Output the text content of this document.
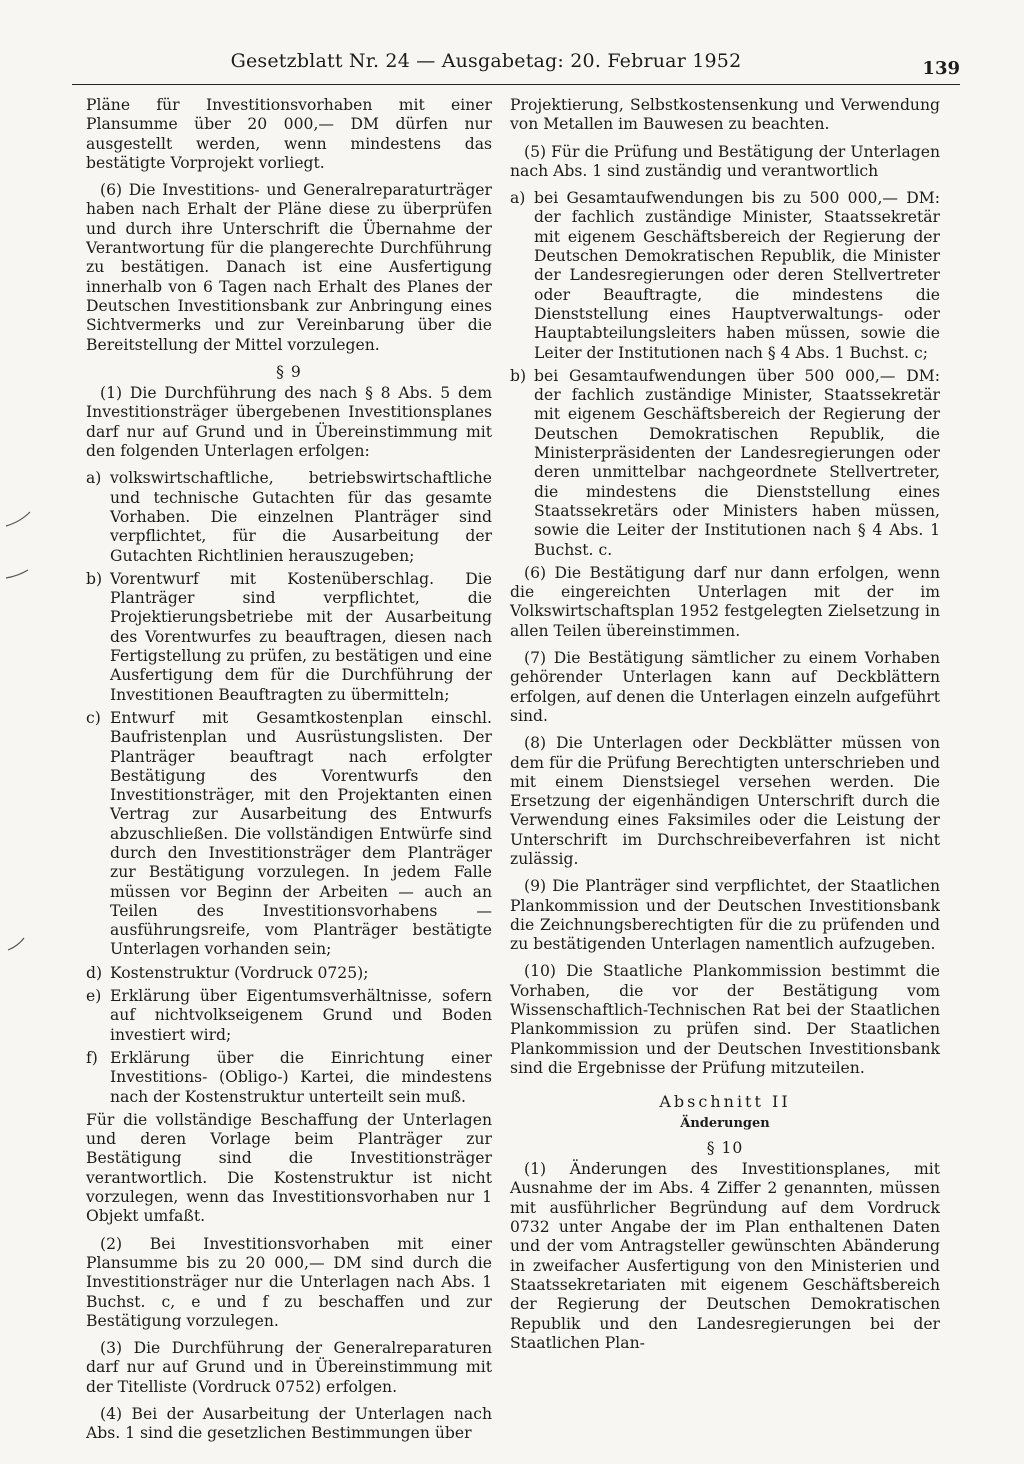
Gesetzblatt Nr. 24 — Ausgabetag: 20. Februar 1952	139

Pläne für Investitionsvorhaben mit einer Plansumme über 20 000,— DM dürfen nur ausgestellt werden, wenn mindestens das bestätigte Vorprojekt vorliegt.

(6) Die Investitions- und Generalreparaturträger haben nach Erhalt der Pläne diese zu überprüfen und durch ihre Unterschrift die Übernahme der Verantwortung für die plangerechte Durchführung zu bestätigen. Danach ist eine Ausfertigung innerhalb von 6 Tagen nach Erhalt des Planes der Deutschen Investitionsbank zur Anbringung eines Sichtvermerks und zur Vereinbarung über die Bereitstellung der Mittel vorzulegen.

§ 9

(1) Die Durchführung des nach § 8 Abs. 5 dem Investitionsträger übergebenen Investitionsplanes darf nur auf Grund und in Übereinstimmung mit den folgenden Unterlagen erfolgen:

a) volkswirtschaftliche, betriebswirtschaftliche und technische Gutachten für das gesamte Vorhaben. Die einzelnen Planträger sind verpflichtet, für die Ausarbeitung der Gutachten Richtlinien herauszugeben;
b) Vorentwurf mit Kostenüberschlag. Die Planträger sind verpflichtet, die Projektierungsbetriebe mit der Ausarbeitung des Vorentwurfes zu beauftragen, diesen nach Fertigstellung zu prüfen, zu bestätigen und eine Ausfertigung dem für die Durchführung der Investitionen Beauftragten zu übermitteln;
c) Entwurf mit Gesamtkostenplan einschl. Baufristenplan und Ausrüstungslisten. Der Planträger beauftragt nach erfolgter Bestätigung des Vorentwurfs den Investitionsträger, mit den Projektanten einen Vertrag zur Ausarbeitung des Entwurfs abzuschließen. Die vollständigen Entwürfe sind durch den Investitionsträger dem Planträger zur Bestätigung vorzulegen. In jedem Falle müssen vor Beginn der Arbeiten — auch an Teilen des Investitionsvorhabens — ausführungsreife, vom Planträger bestätigte Unterlagen vorhanden sein;
d) Kostenstruktur (Vordruck 0725);
e) Erklärung über Eigentumsverhältnisse, sofern auf nichtvolkseigenem Grund und Boden investiert wird;
f) Erklärung über die Einrichtung einer Investitions- (Obligo-) Kartei, die mindestens nach der Kostenstruktur unterteilt sein muß.

Für die vollständige Beschaffung der Unterlagen und deren Vorlage beim Planträger zur Bestätigung sind die Investitionsträger verantwortlich. Die Kostenstruktur ist nicht vorzulegen, wenn das Investitionsvorhaben nur 1 Objekt umfaßt.

(2) Bei Investitionsvorhaben mit einer Plansumme bis zu 20 000,— DM sind durch die Investitionsträger nur die Unterlagen nach Abs. 1 Buchst. c, e und f zu beschaffen und zur Bestätigung vorzulegen.

(3) Die Durchführung der Generalreparaturen darf nur auf Grund und in Übereinstimmung mit der Titelliste (Vordruck 0752) erfolgen.

(4) Bei der Ausarbeitung der Unterlagen nach Abs. 1 sind die gesetzlichen Bestimmungen über

Projektierung, Selbstkostensenkung und Verwendung von Metallen im Bauwesen zu beachten.

(5) Für die Prüfung und Bestätigung der Unterlagen nach Abs. 1 sind zuständig und verantwortlich

a) bei Gesamtaufwendungen bis zu 500 000,— DM: der fachlich zuständige Minister, Staatssekretär mit eigenem Geschäftsbereich der Regierung der Deutschen Demokratischen Republik, die Minister der Landesregierungen oder deren Stellvertreter oder Beauftragte, die mindestens die Dienststellung eines Hauptverwaltungs- oder Hauptabteilungsleiters haben müssen, sowie die Leiter der Institutionen nach § 4 Abs. 1 Buchst. c;
b) bei Gesamtaufwendungen über 500 000,— DM: der fachlich zuständige Minister, Staatssekretär mit eigenem Geschäftsbereich der Regierung der Deutschen Demokratischen Republik, die Ministerpräsidenten der Landesregierungen oder deren unmittelbar nachgeordnete Stellvertreter, die mindestens die Dienststellung eines Staatssekretärs oder Ministers haben müssen, sowie die Leiter der Institutionen nach § 4 Abs. 1 Buchst. c.

(6) Die Bestätigung darf nur dann erfolgen, wenn die eingereichten Unterlagen mit der im Volkswirtschaftsplan 1952 festgelegten Zielsetzung in allen Teilen übereinstimmen.

(7) Die Bestätigung sämtlicher zu einem Vorhaben gehörender Unterlagen kann auf Deckblättern erfolgen, auf denen die Unterlagen einzeln aufgeführt sind.

(8) Die Unterlagen oder Deckblätter müssen von dem für die Prüfung Berechtigten unterschrieben und mit einem Dienstsiegel versehen werden. Die Ersetzung der eigenhändigen Unterschrift durch die Verwendung eines Faksimiles oder die Leistung der Unterschrift im Durchschreibeverfahren ist nicht zulässig.

(9) Die Planträger sind verpflichtet, der Staatlichen Plankommission und der Deutschen Investitionsbank die Zeichnungsberechtigten für die zu prüfenden und zu bestätigenden Unterlagen namentlich aufzugeben.

(10) Die Staatliche Plankommission bestimmt die Vorhaben, die vor der Bestätigung vom Wissenschaftlich-Technischen Rat bei der Staatlichen Plankommission zu prüfen sind. Der Staatlichen Plankommission und der Deutschen Investitionsbank sind die Ergebnisse der Prüfung mitzuteilen.

Abschnitt II
Änderungen
§ 10

(1) Änderungen des Investitionsplanes, mit Ausnahme der im Abs. 4 Ziffer 2 genannten, müssen mit ausführlicher Begründung auf dem Vordruck 0732 unter Angabe der im Plan enthaltenen Daten und der vom Antragsteller gewünschten Abänderung in zweifacher Ausfertigung von den Ministerien und Staatssekretariaten mit eigenem Geschäftsbereich der Regierung der Deutschen Demokratischen Republik und den Landesregierungen bei der Staatlichen Plan-
